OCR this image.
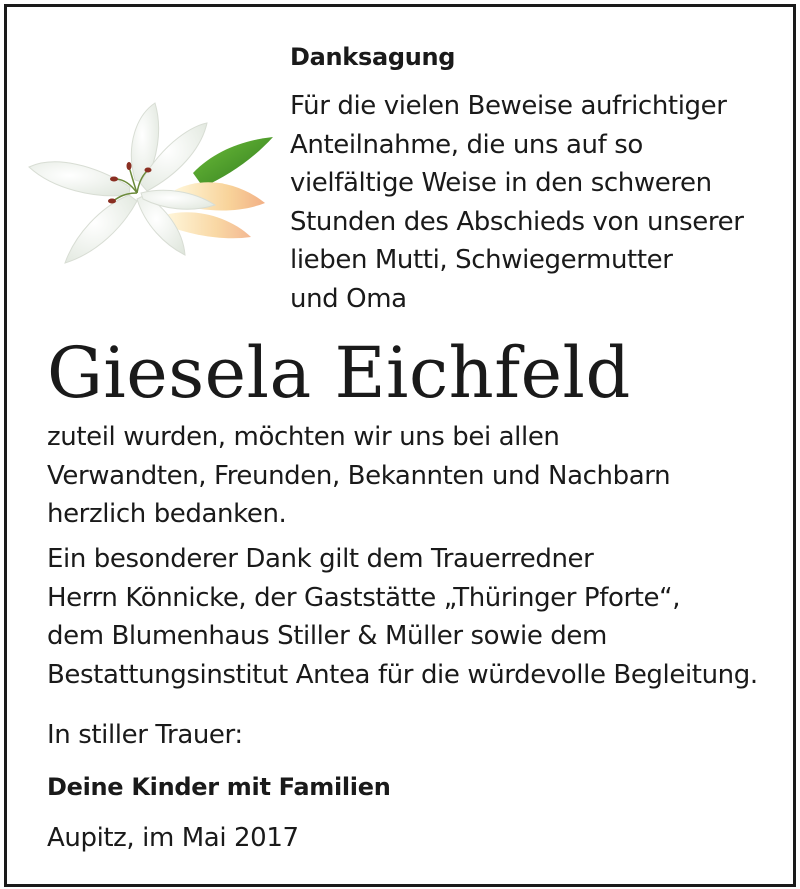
Danksagung
Für die vielen Beweise aufrichtiger
Anteilnahme, die uns auf so
vielfältige Weise in den schweren
Stunden des Abschieds von unserer
lieben Mutti, Schwiegermutter
und Oma
Giesela Eichfeld
zuteil wurden, möchten wir uns bei allen
Verwandten, Freunden, Bekannten und Nachbarn
herzlich bedanken.
Ein besonderer Dank gilt dem Trauerredner
Herrn Könnicke, der Gaststätte „Thüringer Pforte“,
dem Blumenhaus Stiller & Müller sowie dem
Bestattungsinstitut Antea für die würdevolle Begleitung.
In stiller Trauer:
Deine Kinder mit Familien
Aupitz, im Mai 2017
